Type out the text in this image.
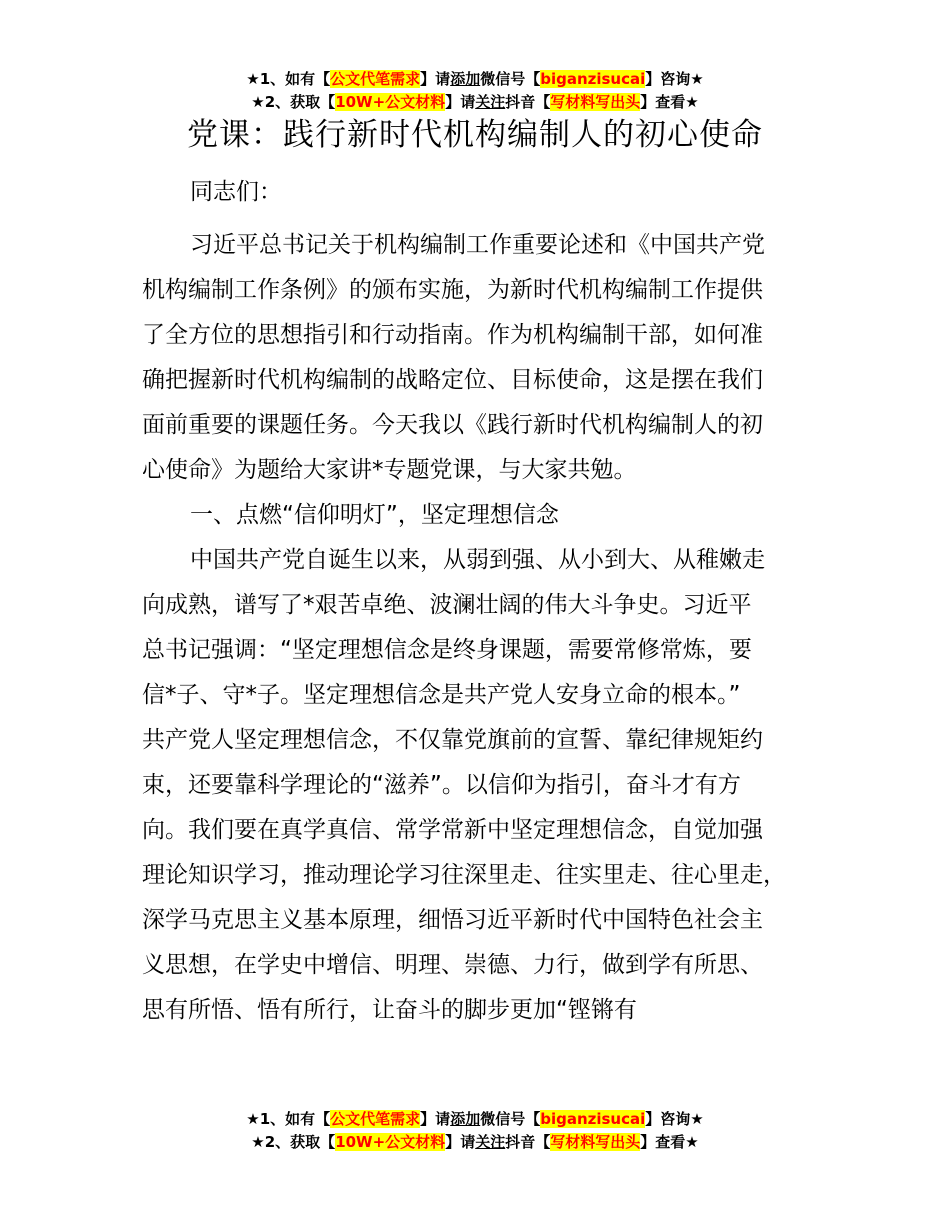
★1、如有【公文代笔需求】请添加微信号【biganzisucai】咨询★
★2、获取【10W+公文材料】请关注抖音【写材料写出头】查看★
党课：践行新时代机构编制人的初心使命

同志们：

习近平总书记关于机构编制工作重要论述和《中国共产党
机构编制工作条例》的颁布实施，为新时代机构编制工作提供
了全方位的思想指引和行动指南。作为机构编制干部，如何准
确把握新时代机构编制的战略定位、目标使命，这是摆在我们
面前重要的课题任务。今天我以《践行新时代机构编制人的初
心使命》为题给大家讲*专题党课，与大家共勉。

一、点燃“信仰明灯”，坚定理想信念

中国共产党自诞生以来，从弱到强、从小到大、从稚嫩走
向成熟，谱写了*艰苦卓绝、波澜壮阔的伟大斗争史。习近平
总书记强调：“坚定理想信念是终身课题，需要常修常炼，要
信*子、守*子。坚定理想信念是共产党人安身立命的根本。”
共产党人坚定理想信念，不仅靠党旗前的宣誓、靠纪律规矩约
束，还要靠科学理论的“滋养”。以信仰为指引，奋斗才有方
向。我们要在真学真信、常学常新中坚定理想信念，自觉加强
理论知识学习，推动理论学习往深里走、往实里走、往心里走，
深学马克思主义基本原理，细悟习近平新时代中国特色社会主
义思想，在学史中增信、明理、崇德、力行，做到学有所思、
思有所悟、悟有所行，让奋斗的脚步更加“铿锵有

★1、如有【公文代笔需求】请添加微信号【biganzisucai】咨询★
★2、获取【10W+公文材料】请关注抖音【写材料写出头】查看★
